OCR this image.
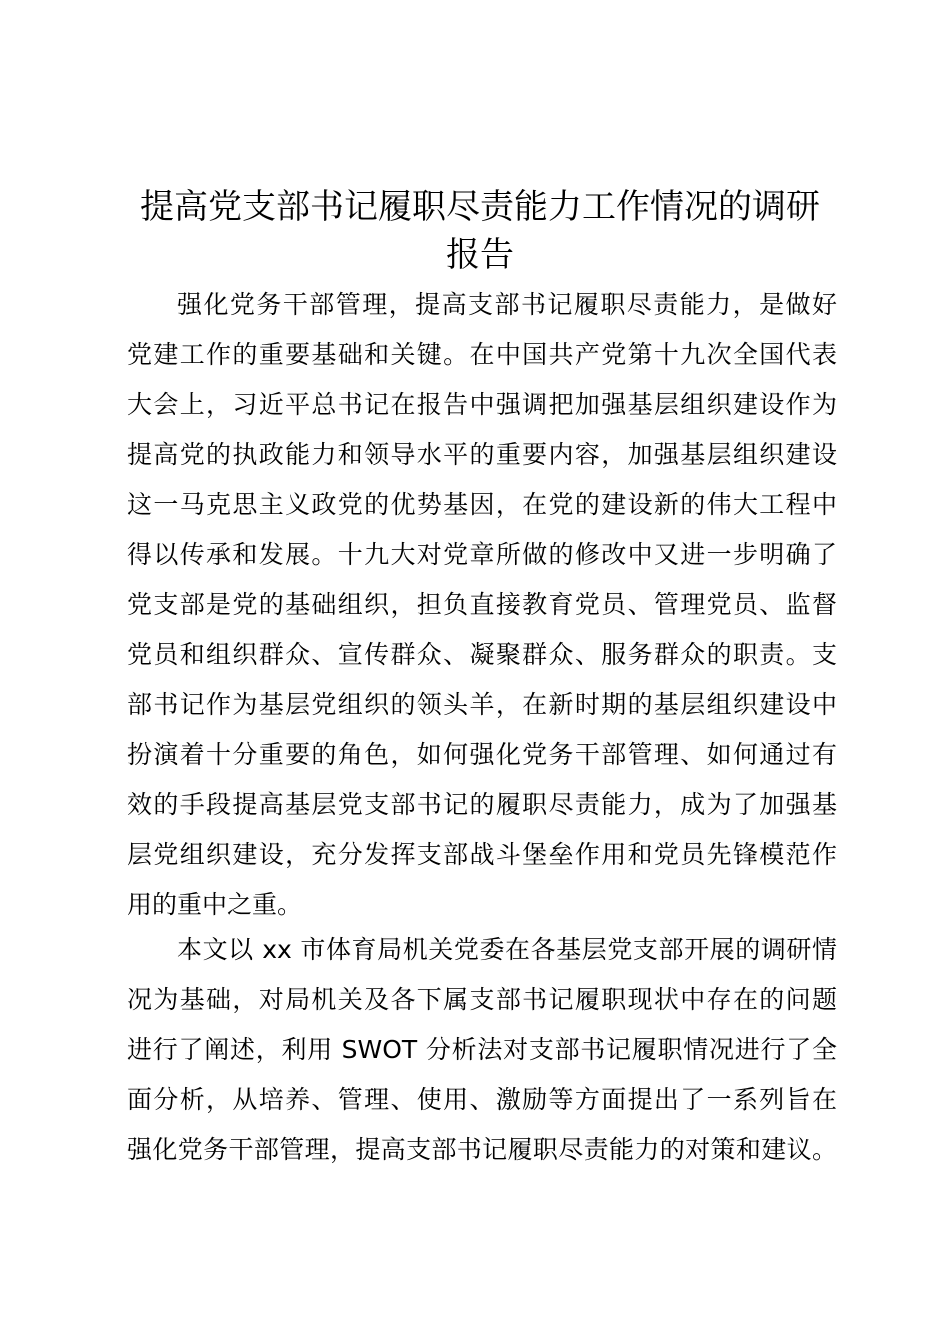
提高党支部书记履职尽责能力工作情况的调研
报告
强化党务干部管理，提高支部书记履职尽责能力，是做好
党建工作的重要基础和关键。在中国共产党第十九次全国代表
大会上，习近平总书记在报告中强调把加强基层组织建设作为
提高党的执政能力和领导水平的重要内容，加强基层组织建设
这一马克思主义政党的优势基因，在党的建设新的伟大工程中
得以传承和发展。十九大对党章所做的修改中又进一步明确了
党支部是党的基础组织，担负直接教育党员、管理党员、监督
党员和组织群众、宣传群众、凝聚群众、服务群众的职责。支
部书记作为基层党组织的领头羊，在新时期的基层组织建设中
扮演着十分重要的角色，如何强化党务干部管理、如何通过有
效的手段提高基层党支部书记的履职尽责能力，成为了加强基
层党组织建设，充分发挥支部战斗堡垒作用和党员先锋模范作
用的重中之重。
本文以 xx 市体育局机关党委在各基层党支部开展的调研情
况为基础，对局机关及各下属支部书记履职现状中存在的问题
进行了阐述，利用 SWOT 分析法对支部书记履职情况进行了全
面分析，从培养、管理、使用、激励等方面提出了一系列旨在
强化党务干部管理，提高支部书记履职尽责能力的对策和建议。
